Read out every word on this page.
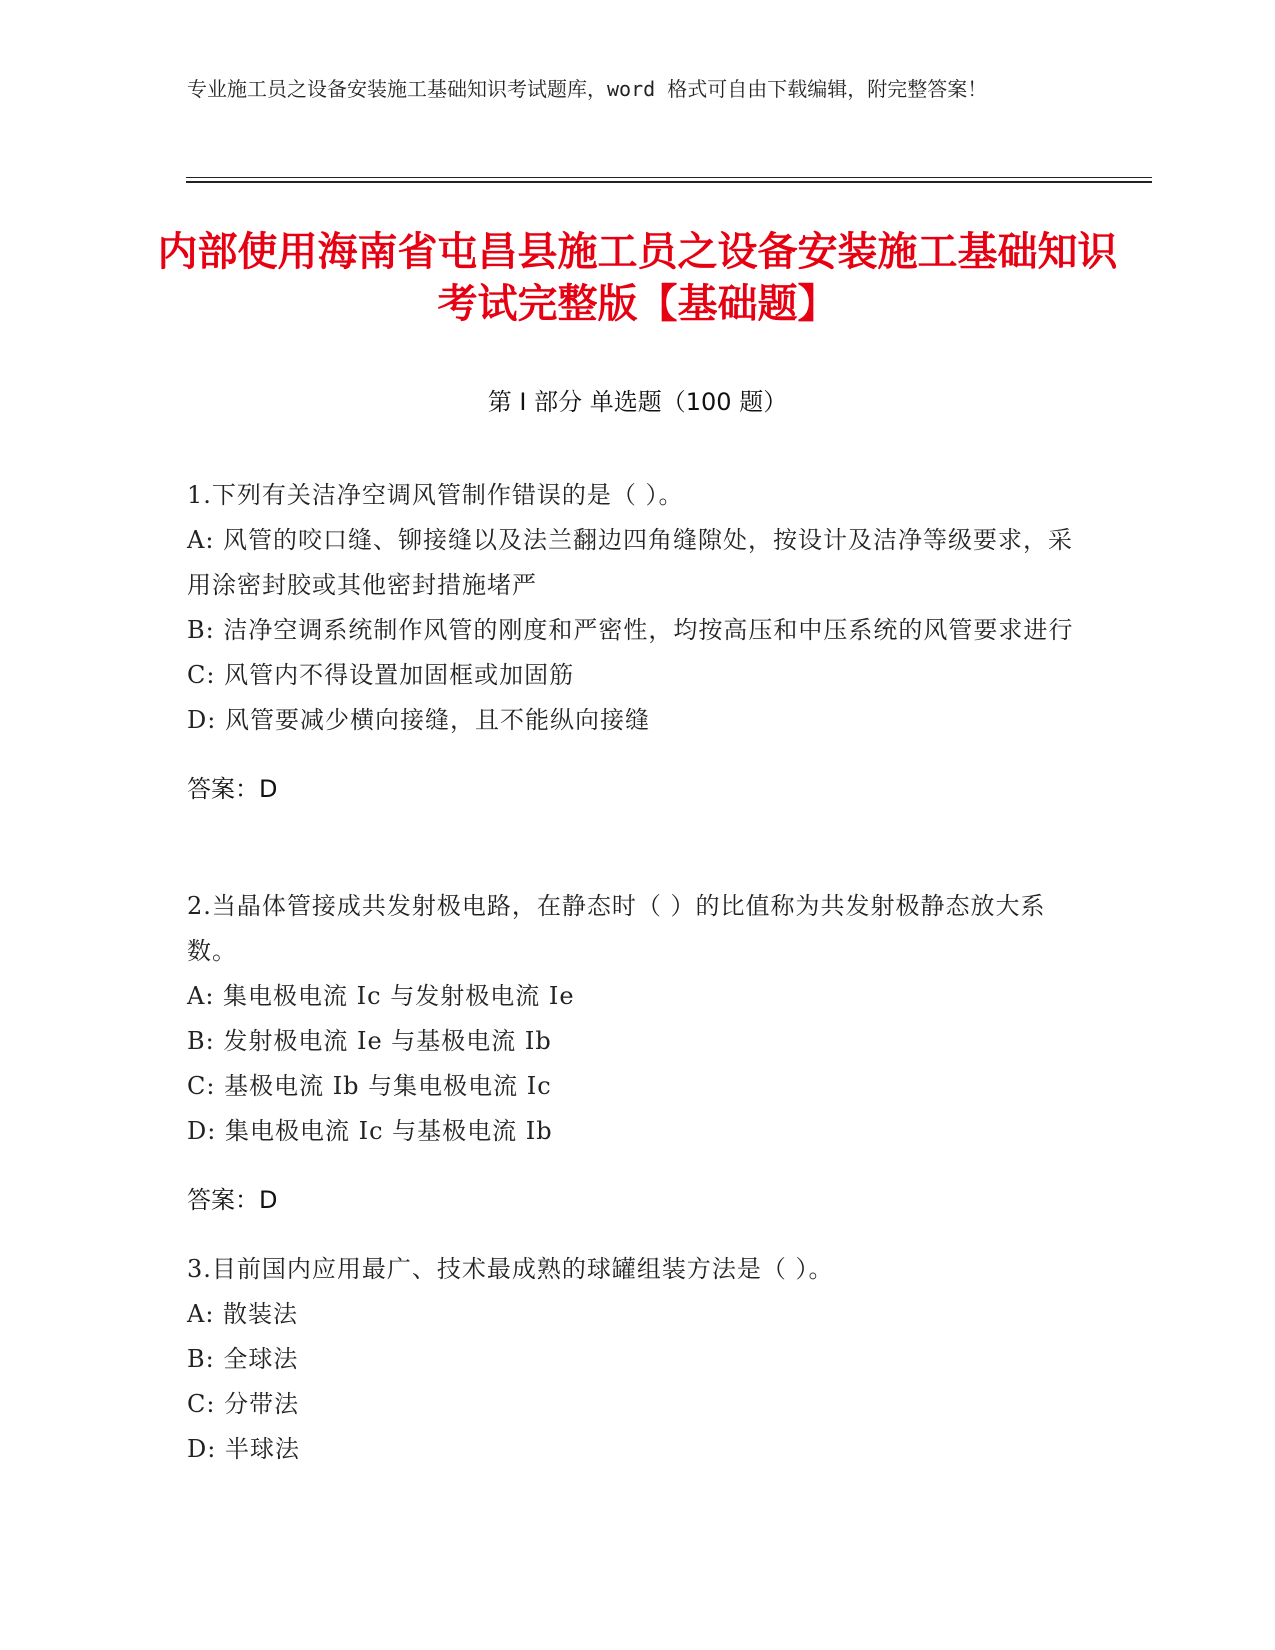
专业施工员之设备安装施工基础知识考试题库，word 格式可自由下载编辑，附完整答案！
内部使用海南省屯昌县施工员之设备安装施工基础知识考试完整版【基础题】
第 I 部分 单选题（100 题）

1.下列有关洁净空调风管制作错误的是（ ）。

A: 风管的咬口缝、铆接缝以及法兰翻边四角缝隙处，按设计及洁净等级要求，采用涂密封胶或其他密封措施堵严

B: 洁净空调系统制作风管的刚度和严密性，均按高压和中压系统的风管要求进行

C: 风管内不得设置加固框或加固筋

D: 风管要减少横向接缝，且不能纵向接缝

答案：D

2.当晶体管接成共发射极电路，在静态时（ ）的比值称为共发射极静态放大系数。

A: 集电极电流 Ic 与发射极电流 Ie

B: 发射极电流 Ie 与基极电流 Ib

C: 基极电流 Ib 与集电极电流 Ic

D: 集电极电流 Ic 与基极电流 Ib

答案：D

3.目前国内应用最广、技术最成熟的球罐组装方法是（ ）。

A: 散装法

B: 全球法

C: 分带法

D: 半球法
